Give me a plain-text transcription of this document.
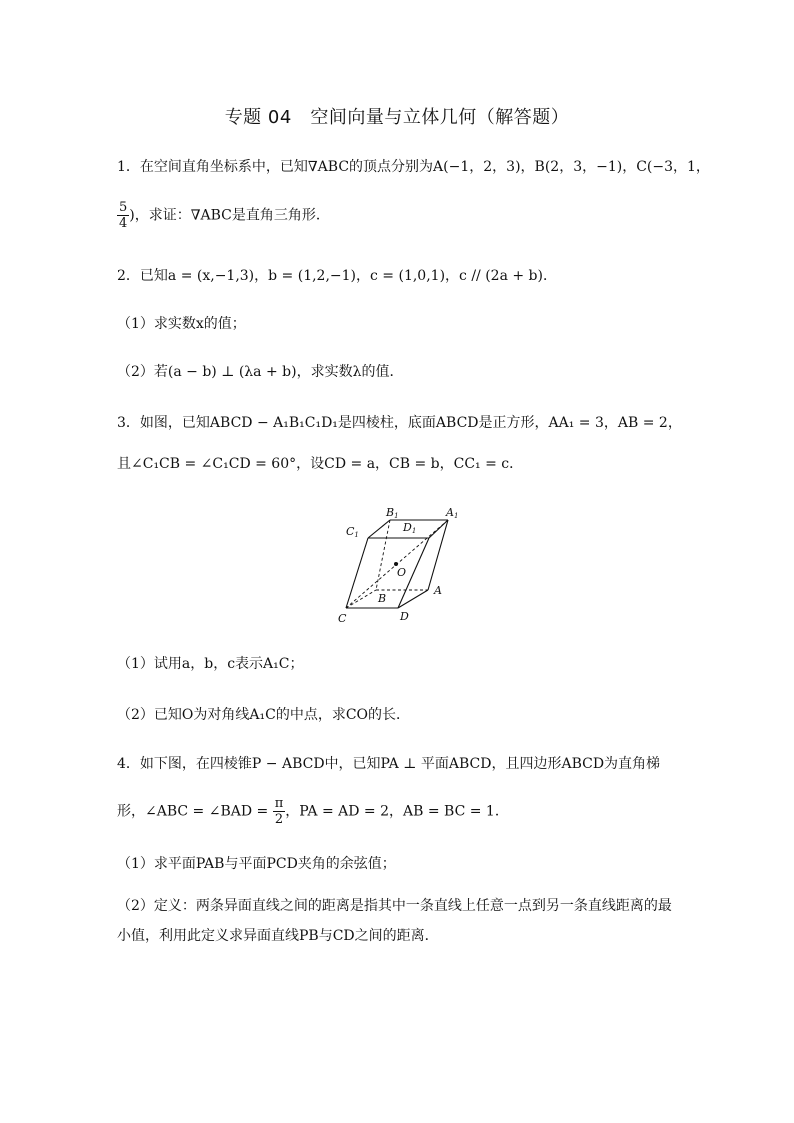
专题 04　空间向量与立体几何（解答题）
1．在空间直角坐标系中，已知∇ABC的顶点分别为A(−1，2，3)，B(2，3，−1)，C(−3，1，
$\frac{5}{4}$ )，求证：∇ABC是直角三角形．
2．已知a = (x,−1,3)，b = (1,2,−1)，c = (1,0,1)，c // (2a + b)．
（1）求实数x的值；
（2）若(a − b) ⊥ (λa + b)，求实数λ的值．
3．如图，已知ABCD − A₁B₁C₁D₁是四棱柱，底面ABCD是正方形，AA₁ = 3，AB = 2，
且∠C₁CB = ∠C₁CD = 60°，设CD = a，CB = b，CC₁ = c．
B1
D1
A1
C1
O
B
A
C	D
（1）试用a，b，c表示A₁C；
（2）已知O为对角线A₁C的中点，求CO的长．
4．如下图，在四棱锥P − ABCD中，已知PA ⊥ 平面ABCD，且四边形ABCD为直角梯
形，∠ABC = ∠BAD = $\frac{\pi}{2}$ ，PA = AD = 2，AB = BC = 1．
（1）求平面PAB与平面PCD夹角的余弦值；
（2）定义：两条异面直线之间的距离是指其中一条直线上任意一点到另一条直线距离的最
小值，利用此定义求异面直线PB与CD之间的距离．
